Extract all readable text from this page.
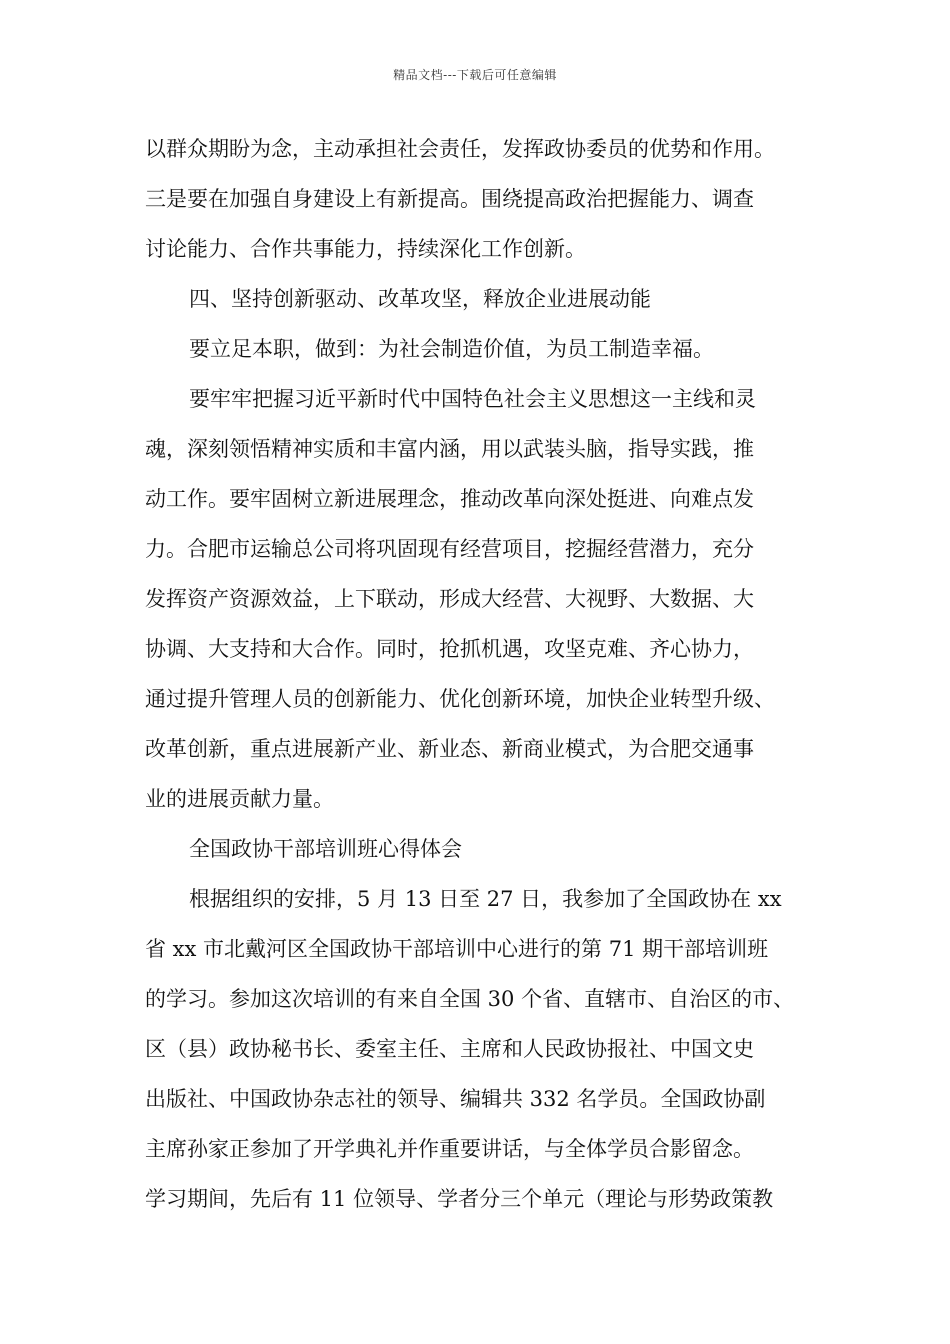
精品文档---下载后可任意编辑
以群众期盼为念，主动承担社会责任，发挥政协委员的优势和作用。
三是要在加强自身建设上有新提高。围绕提高政治把握能力、调查
讨论能力、合作共事能力，持续深化工作创新。
四、坚持创新驱动、改革攻坚，释放企业进展动能
要立足本职，做到：为社会制造价值，为员工制造幸福。
要牢牢把握习近平新时代中国特色社会主义思想这一主线和灵
魂，深刻领悟精神实质和丰富内涵，用以武装头脑，指导实践，推
动工作。要牢固树立新进展理念，推动改革向深处挺进、向难点发
力。合肥市运输总公司将巩固现有经营项目，挖掘经营潜力，充分
发挥资产资源效益，上下联动，形成大经营、大视野、大数据、大
协调、大支持和大合作。同时，抢抓机遇，攻坚克难、齐心协力，
通过提升管理人员的创新能力、优化创新环境，加快企业转型升级、
改革创新，重点进展新产业、新业态、新商业模式，为合肥交通事
业的进展贡献力量。
全国政协干部培训班心得体会
根据组织的安排，5 月 13 日至 27 日，我参加了全国政协在 xx
省 xx 市北戴河区全国政协干部培训中心进行的第 71 期干部培训班
的学习。参加这次培训的有来自全国 30 个省、直辖市、自治区的市、
区（县）政协秘书长、委室主任、主席和人民政协报社、中国文史
出版社、中国政协杂志社的领导、编辑共 332 名学员。全国政协副
主席孙家正参加了开学典礼并作重要讲话，与全体学员合影留念。
学习期间，先后有 11 位领导、学者分三个单元（理论与形势政策教
